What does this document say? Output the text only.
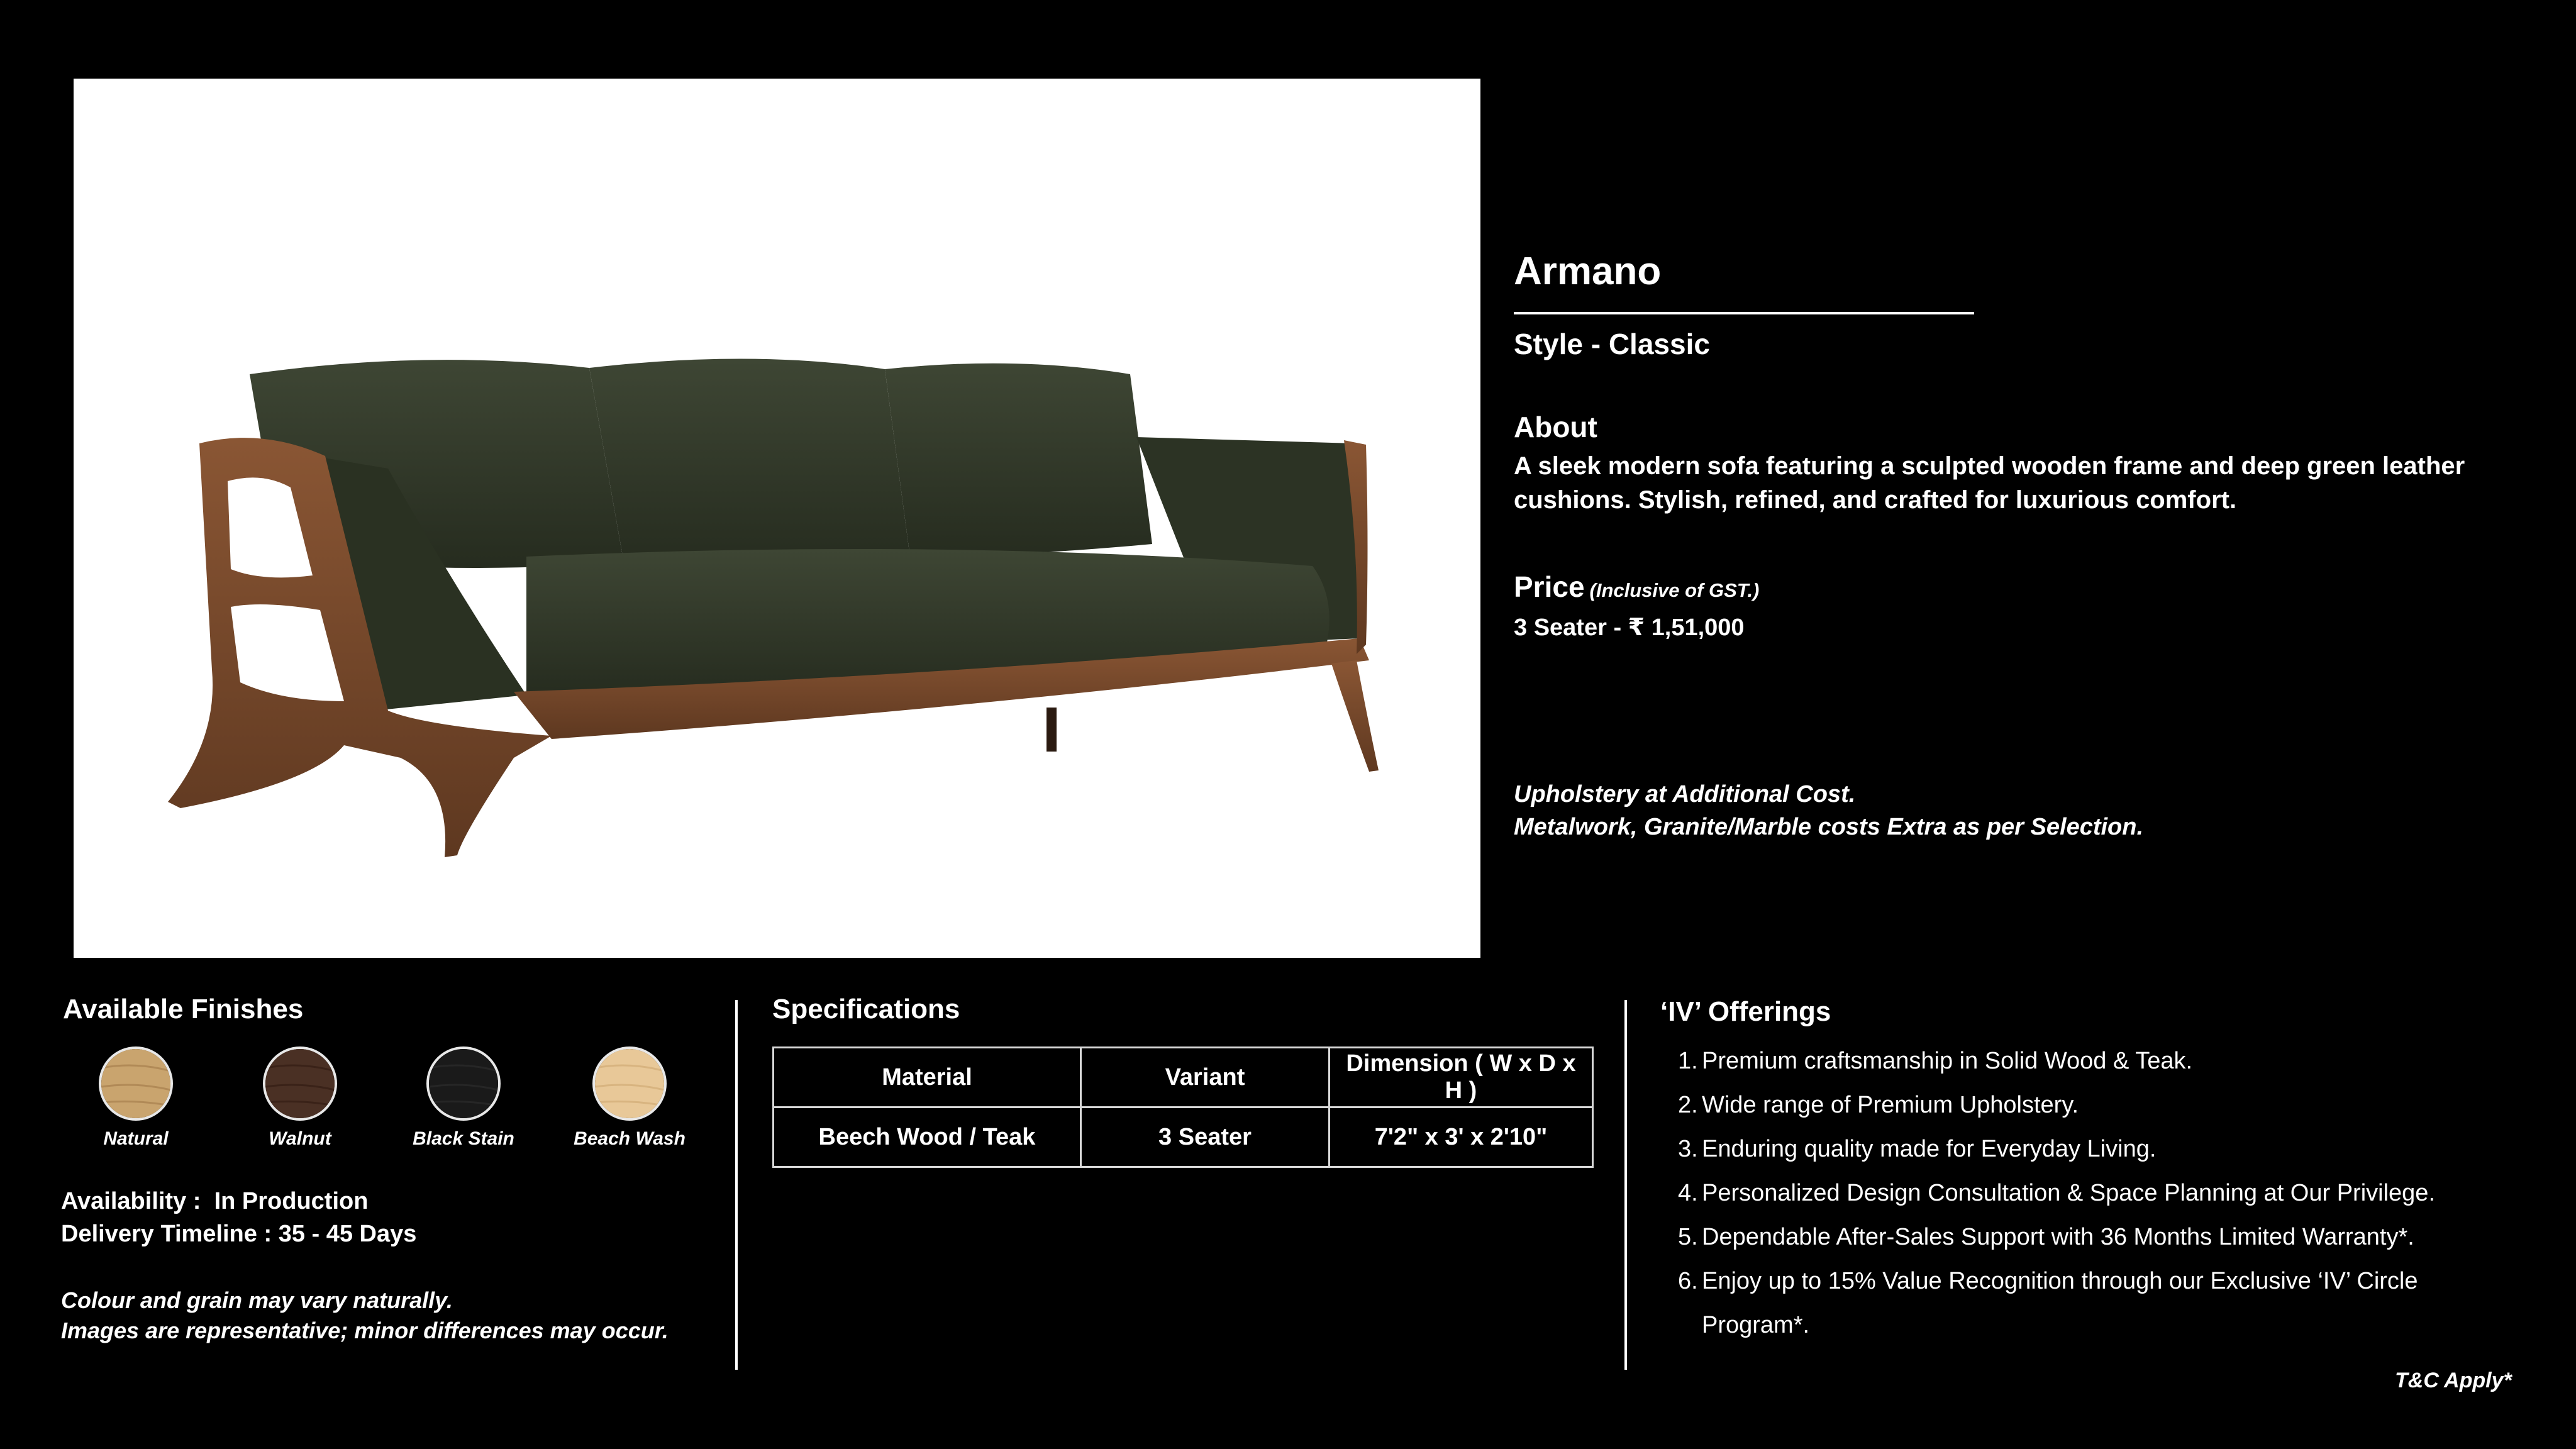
Armano
Style - Classic
About
A sleek modern sofa featuring a sculpted wooden frame and deep green leather cushions. Stylish, refined, and crafted for luxurious comfort.
Price (Inclusive of GST.)
3 Seater - ₹ 1,51,000
Upholstery at Additional Cost.
Metalwork, Granite/Marble costs Extra as per Selection.
Available Finishes
Natural	Walnut	Black Stain	Beach Wash
Availability : In Production
Delivery Timeline : 35 - 45 Days
Colour and grain may vary naturally.
Images are representative; minor differences may occur.
Specifications
Material	Variant	Dimension ( W x D x H )
Beech Wood / Teak	3 Seater	7'2" x 3' x 2'10"
‘IV’ Offerings
1. Premium craftsmanship in Solid Wood & Teak.
2. Wide range of Premium Upholstery.
3. Enduring quality made for Everyday Living.
4. Personalized Design Consultation & Space Planning at Our Privilege.
5. Dependable After-Sales Support with 36 Months Limited Warranty*.
6. Enjoy up to 15% Value Recognition through our Exclusive ‘IV’ Circle Program*.
T&C Apply*
